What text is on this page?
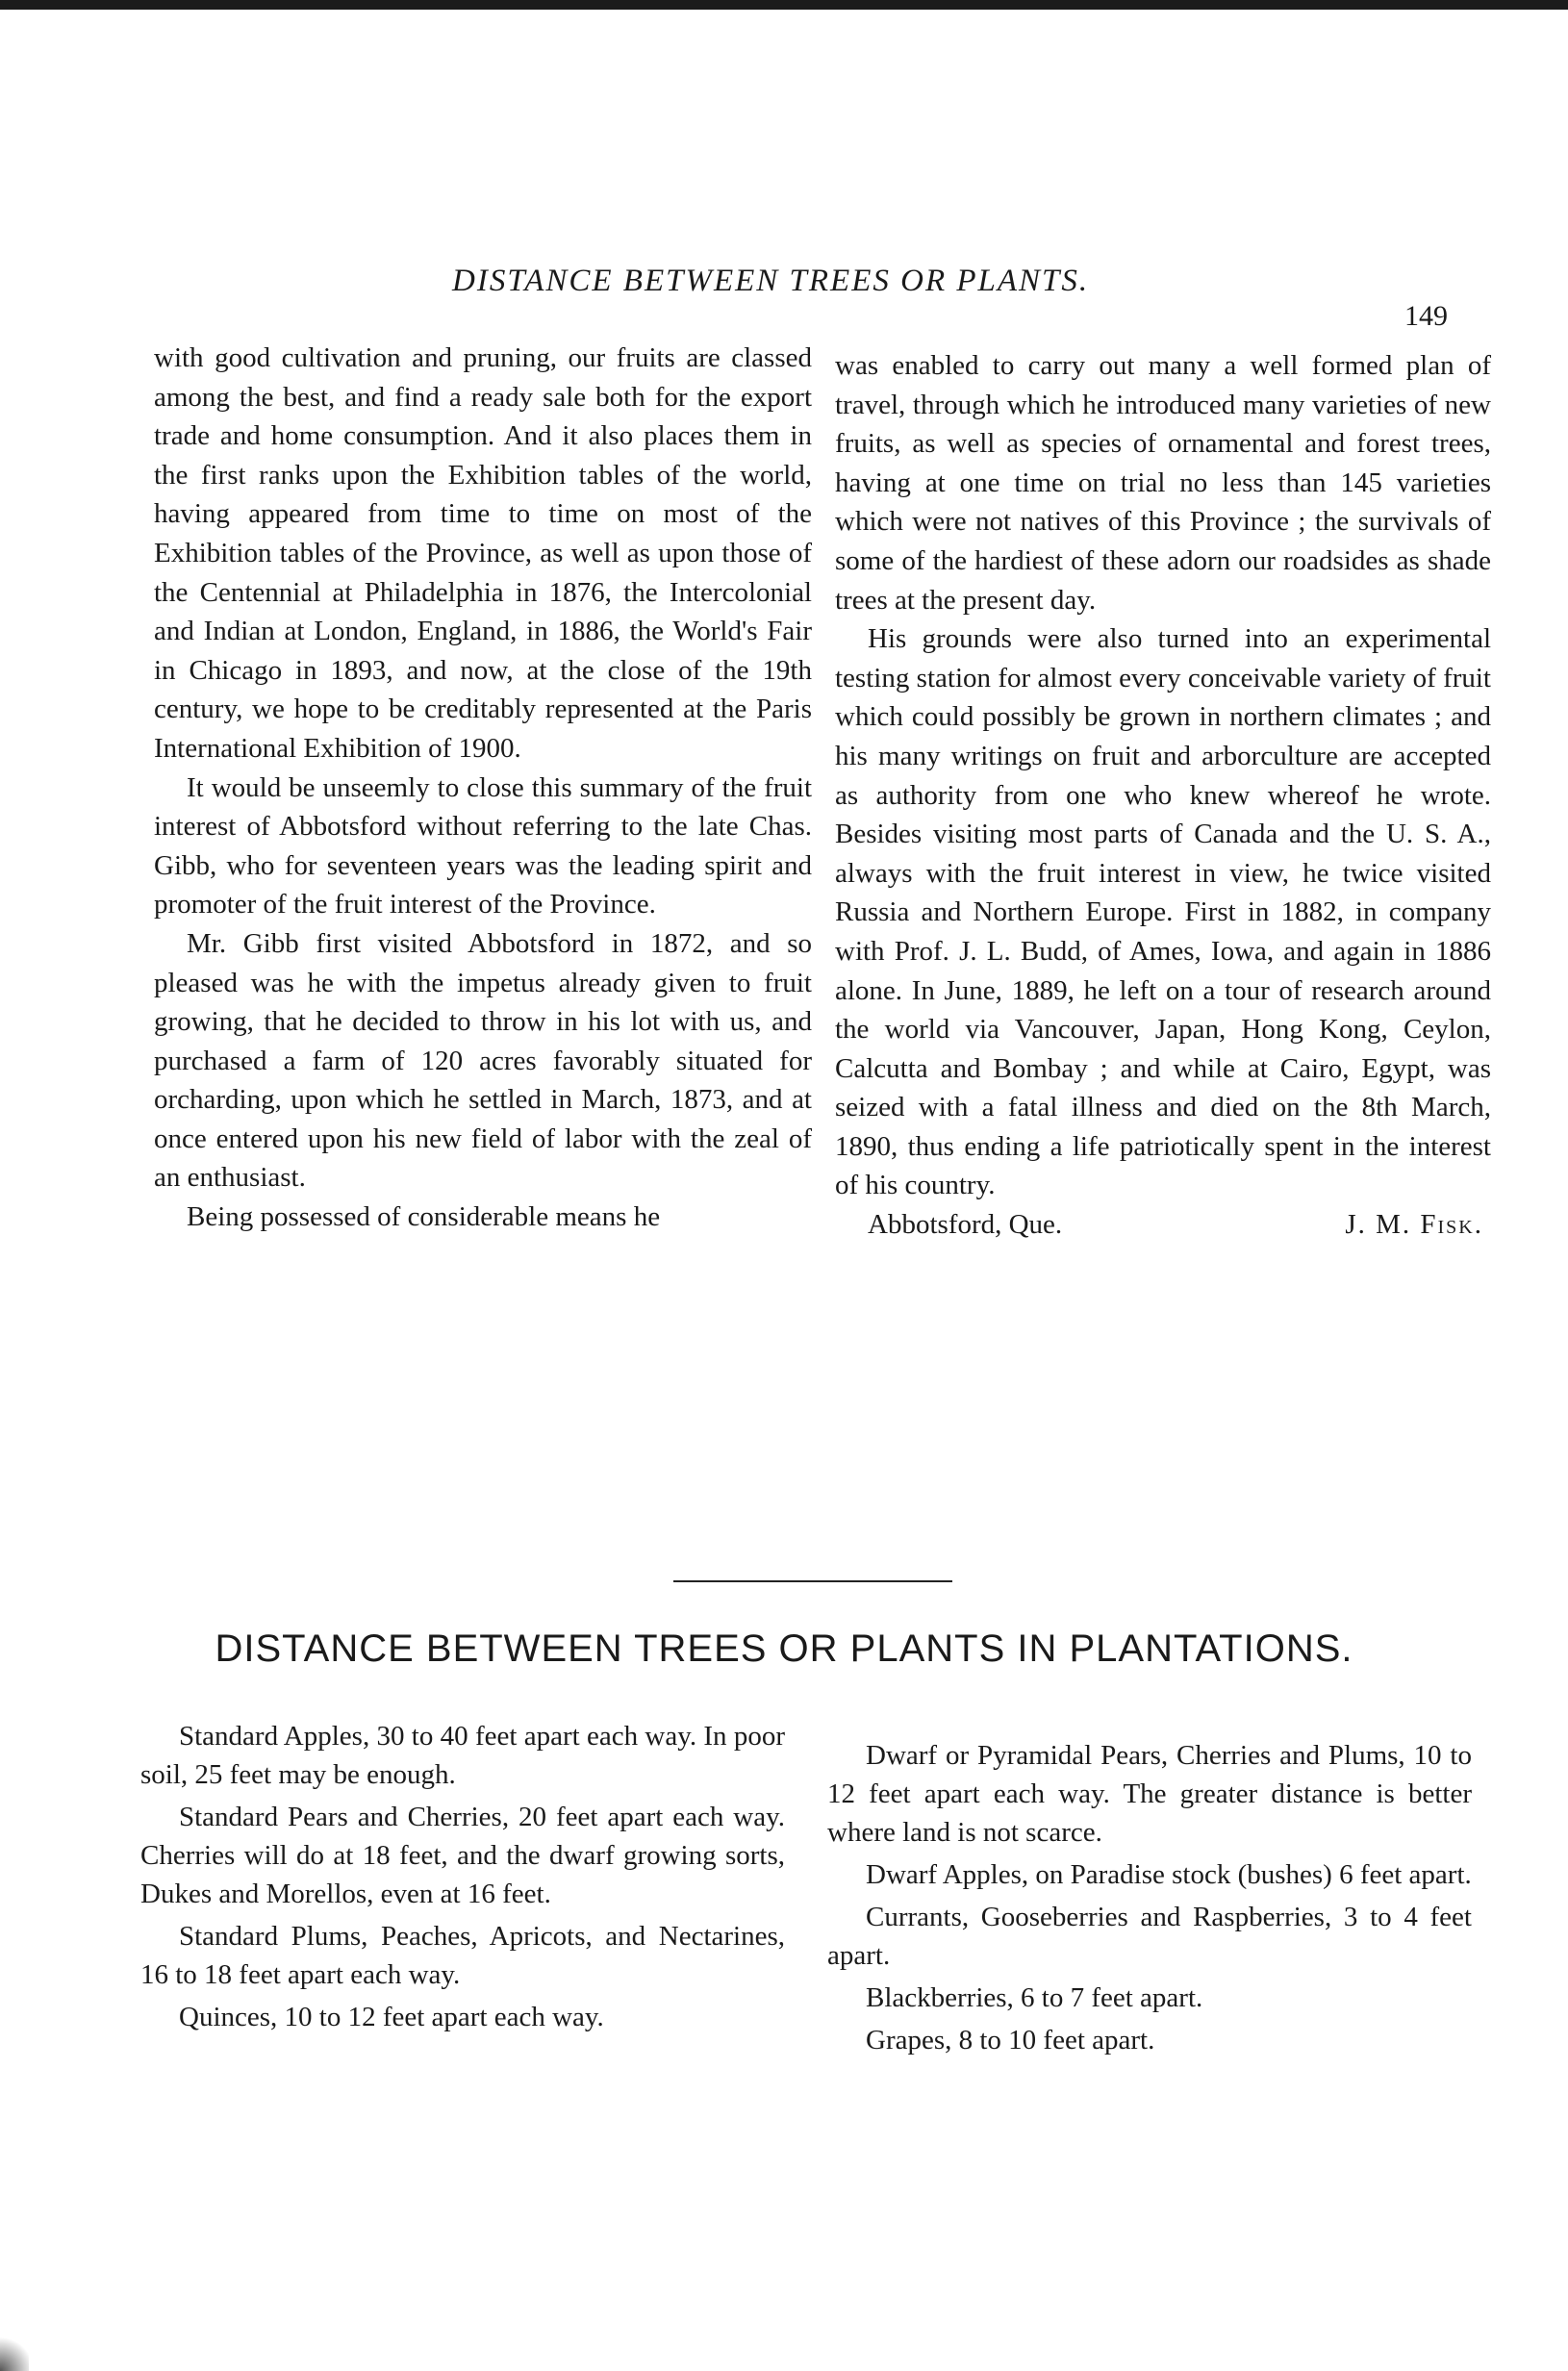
DISTANCE BETWEEN TREES OR PLANTS.
149

with good cultivation and pruning, our fruits are classed among the best, and find a ready sale both for the export trade and home consumption. And it also places them in the first ranks upon the Exhibition tables of the world, having appeared from time to time on most of the Exhibition tables of the Province, as well as upon those of the Centennial at Philadelphia in 1876, the Intercolonial and Indian at London, England, in 1886, the World's Fair in Chicago in 1893, and now, at the close of the 19th century, we hope to be creditably represented at the Paris International Exhibition of 1900.

It would be unseemly to close this summary of the fruit interest of Abbotsford without referring to the late Chas. Gibb, who for seventeen years was the leading spirit and promoter of the fruit interest of the Province.

Mr. Gibb first visited Abbotsford in 1872, and so pleased was he with the impetus already given to fruit growing, that he decided to throw in his lot with us, and purchased a farm of 120 acres favorably situated for orcharding, upon which he settled in March, 1873, and at once entered upon his new field of labor with the zeal of an enthusiast.

Being possessed of considerable means he

was enabled to carry out many a well formed plan of travel, through which he introduced many varieties of new fruits, as well as species of ornamental and forest trees, having at one time on trial no less than 145 varieties which were not natives of this Province ; the survivals of some of the hardiest of these adorn our roadsides as shade trees at the present day.

His grounds were also turned into an experimental testing station for almost every conceivable variety of fruit which could possibly be grown in northern climates ; and his many writings on fruit and arborculture are accepted as authority from one who knew whereof he wrote. Besides visiting most parts of Canada and the U. S. A., always with the fruit interest in view, he twice visited Russia and Northern Europe. First in 1882, in company with Prof. J. L. Budd, of Ames, Iowa, and again in 1886 alone. In June, 1889, he left on a tour of research around the world via Vancouver, Japan, Hong Kong, Ceylon, Calcutta and Bombay ; and while at Cairo, Egypt, was seized with a fatal illness and died on the 8th March, 1890, thus ending a life patriotically spent in the interest of his country.

Abbotsford, Que.	J. M. Fisk.
DISTANCE BETWEEN TREES OR PLANTS IN PLANTATIONS.

Standard Apples, 30 to 40 feet apart each way. In poor soil, 25 feet may be enough.

Standard Pears and Cherries, 20 feet apart each way. Cherries will do at 18 feet, and the dwarf growing sorts, Dukes and Morellos, even at 16 feet.

Standard Plums, Peaches, Apricots, and Nectarines, 16 to 18 feet apart each way.

Quinces, 10 to 12 feet apart each way.

Dwarf or Pyramidal Pears, Cherries and Plums, 10 to 12 feet apart each way. The greater distance is better where land is not scarce.

Dwarf Apples, on Paradise stock (bushes) 6 feet apart.

Currants, Gooseberries and Raspberries, 3 to 4 feet apart.

Blackberries, 6 to 7 feet apart.

Grapes, 8 to 10 feet apart.
